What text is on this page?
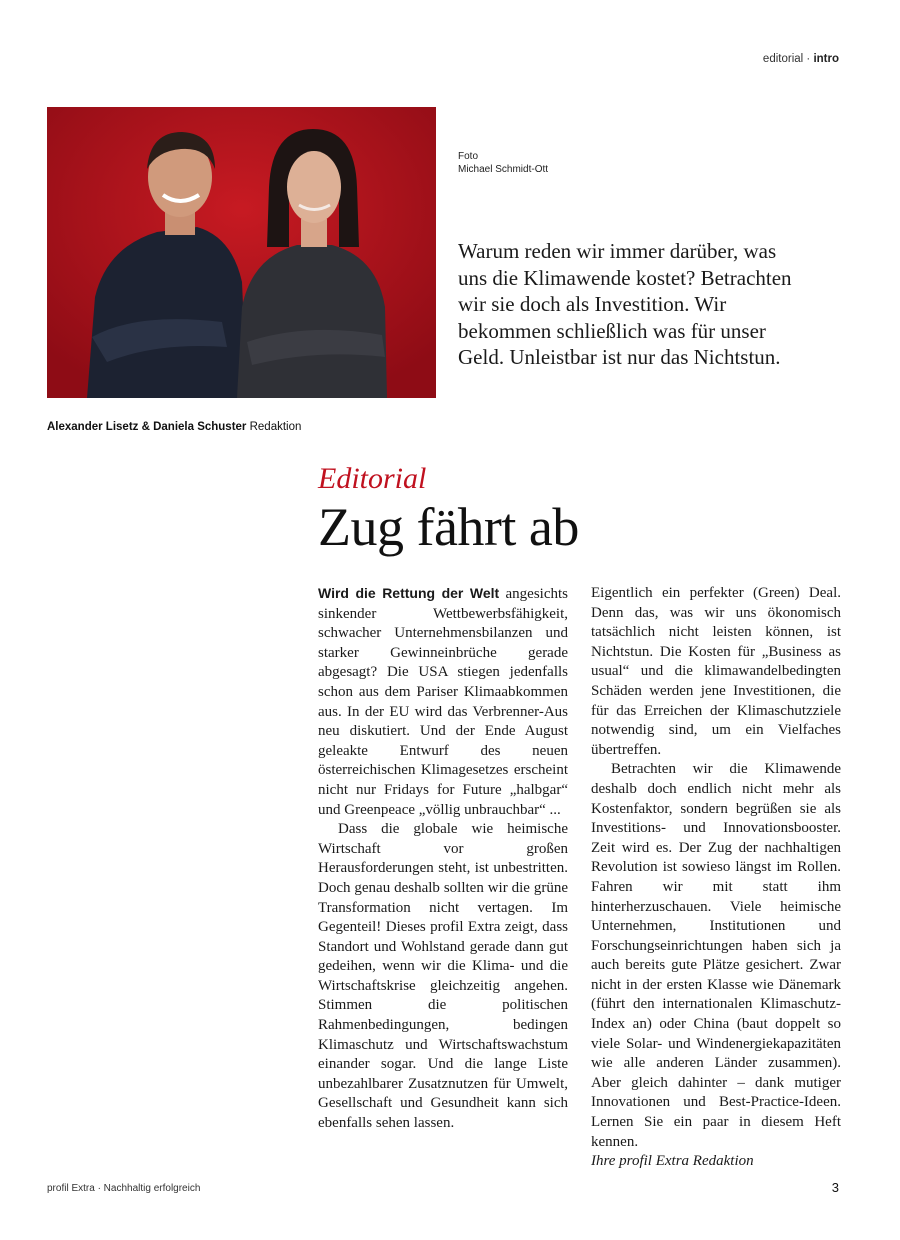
editorial · intro
Foto
Michael Schmidt-Ott
Warum reden wir immer darüber, was uns die Klimawende kostet? Betrachten wir sie doch als Investition. Wir bekommen schließlich was für unser Geld. Unleistbar ist nur das Nichtstun.
Alexander Lisetz & Daniela Schuster Redaktion
Editorial
Zug fährt ab

Wird die Rettung der Welt angesichts sinkender Wettbewerbsfähigkeit, schwacher Unternehmensbilanzen und starker Gewinneinbrüche gerade abgesagt? Die USA stiegen jedenfalls schon aus dem Pariser Klimaabkommen aus. In der EU wird das Verbrenner-Aus neu diskutiert. Und der Ende August geleakte Entwurf des neuen österreichischen Klimagesetzes erscheint nicht nur Fridays for Future „halbgar“ und Greenpeace „völlig unbrauchbar“ ...

Dass die globale wie heimische Wirtschaft vor großen Herausforderungen steht, ist unbestritten. Doch genau deshalb sollten wir die grüne Transformation nicht vertagen. Im Gegenteil! Dieses profil Extra zeigt, dass Standort und Wohlstand gerade dann gut gedeihen, wenn wir die Klima- und die Wirtschaftskrise gleichzeitig angehen. Stimmen die politischen Rahmenbedingungen, bedingen Klimaschutz und Wirtschaftswachstum einander sogar. Und die lange Liste unbezahlbarer Zusatznutzen für Umwelt, Gesellschaft und Gesundheit kann sich ebenfalls sehen lassen.

Eigentlich ein perfekter (Green) Deal. Denn das, was wir uns ökonomisch tatsächlich nicht leisten können, ist Nichtstun. Die Kosten für „Business as usual“ und die klimawandelbedingten Schäden werden jene Investitionen, die für das Erreichen der Klimaschutzziele notwendig sind, um ein Vielfaches übertreffen.

Betrachten wir die Klimawende deshalb doch endlich nicht mehr als Kostenfaktor, sondern begrüßen sie als Investitions- und Innovationsbooster. Zeit wird es. Der Zug der nachhaltigen Revolution ist sowieso längst im Rollen. Fahren wir mit statt ihm hinterherzuschauen. Viele heimische Unternehmen, Institutionen und Forschungseinrichtungen haben sich ja auch bereits gute Plätze gesichert. Zwar nicht in der ersten Klasse wie Dänemark (führt den internationalen Klimaschutz-Index an) oder China (baut doppelt so viele Solar- und Windenergiekapazitäten wie alle anderen Länder zusammen). Aber gleich dahinter – dank mutiger Innovationen und Best-Practice-Ideen. Lernen Sie ein paar in diesem Heft kennen.

Ihre profil Extra Redaktion

profil Extra · Nachhaltig erfolgreich	3
